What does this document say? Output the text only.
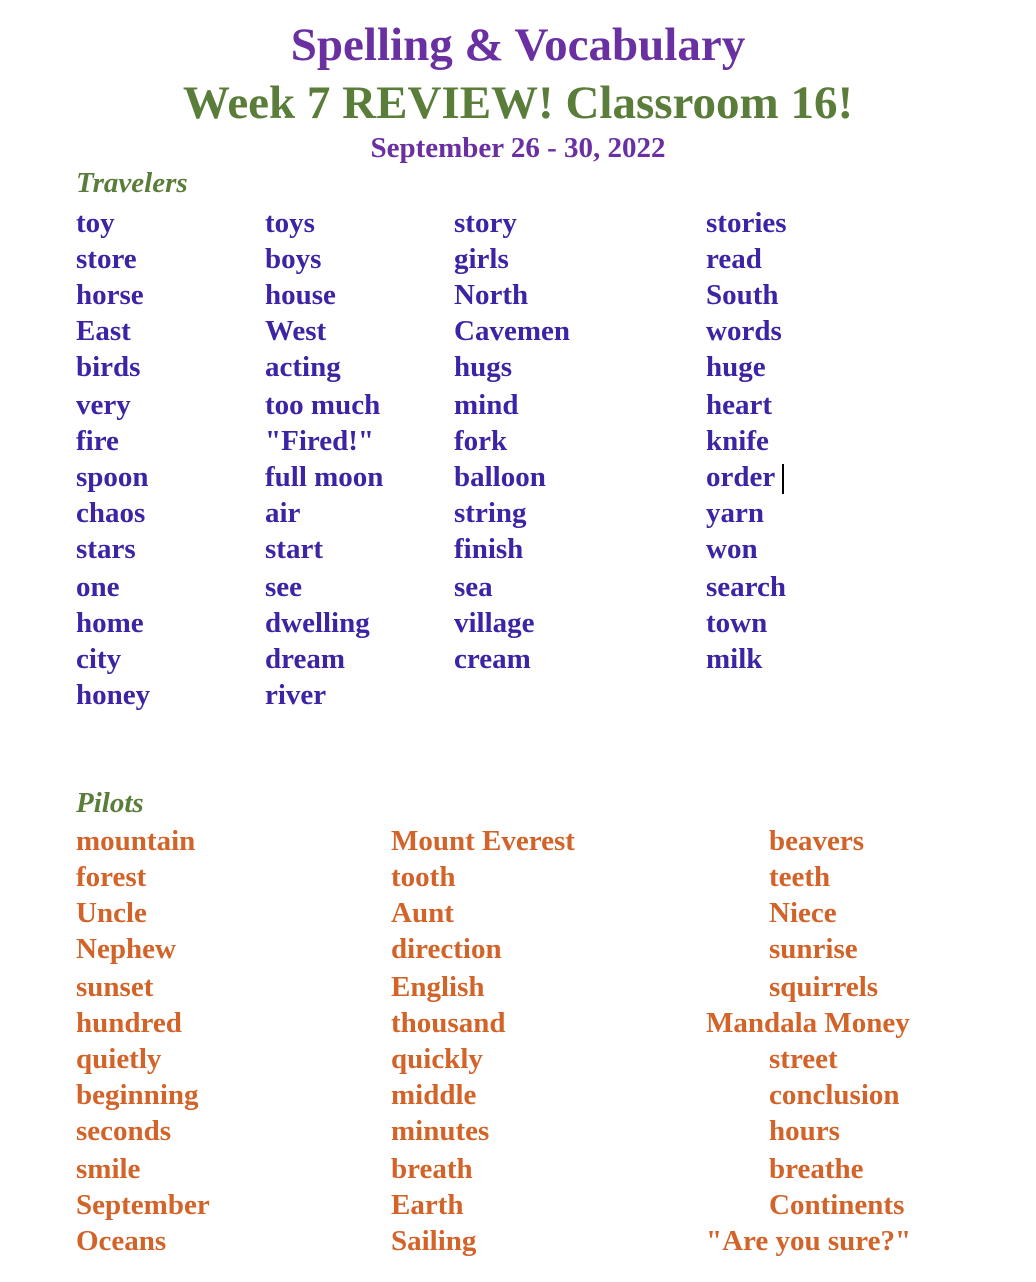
Spelling & Vocabulary
Week 7 REVIEW! Classroom 16!
September 26 - 30, 2022
Travelers
toy
store
horse
East
birds
very
fire
spoon
chaos
stars
one
home
city
honey
toys
boys
house
West
acting
too much
"Fired!"
full moon
air
start
see
dwelling
dream
river
story
girls
North
Cavemen
hugs
mind
fork
balloon
string
finish
sea
village
cream
stories
read
South
words
huge
heart
knife
order
yarn
won
search
town
milk
Pilots
mountain
forest
Uncle
Nephew
sunset
hundred
quietly
beginning
seconds
smile
September
Oceans
Mount Everest
tooth
Aunt
direction
English
thousand
quickly
middle
minutes
breath
Earth
Sailing
beavers
teeth
Niece
sunrise
squirrels
Mandala Money
street
conclusion
hours
breathe
Continents
"Are you sure?"
